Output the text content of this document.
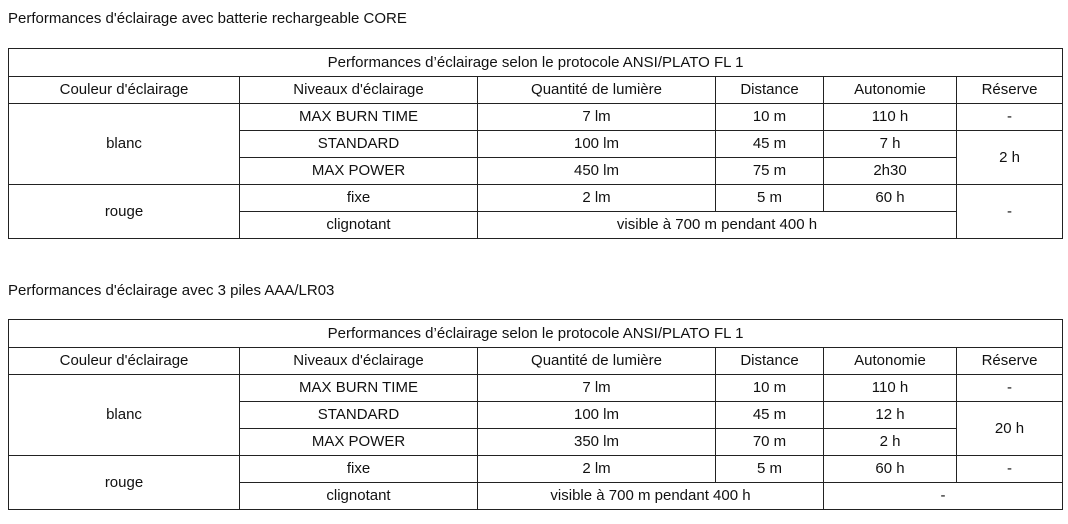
Performances d'éclairage avec batterie rechargeable CORE
Performances d’éclairage selon le protocole ANSI/PLATO FL 1					
Couleur d'éclairage	Niveaux d'éclairage	Quantité de lumière	Distance	Autonomie	Réserve
blanc	MAX BURN TIME	7 lm	10 m	110 h	-
	STANDARD	100 lm	45 m	7 h	2 h
	MAX POWER	450 lm	75 m	2h30	
rouge	fixe	2 lm	5 m	60 h	-
	clignotant	visible à 700 m pendant 400 h			
Performances d'éclairage avec 3 piles AAA/LR03
Performances d’éclairage selon le protocole ANSI/PLATO FL 1					
Couleur d'éclairage	Niveaux d'éclairage	Quantité de lumière	Distance	Autonomie	Réserve
blanc	MAX BURN TIME	7 lm	10 m	110 h	-
	STANDARD	100 lm	45 m	12 h	20 h
	MAX POWER	350 lm	70 m	2 h	
rouge	fixe	2 lm	5 m	60 h	-
	clignotant	visible à 700 m pendant 400 h		-	
